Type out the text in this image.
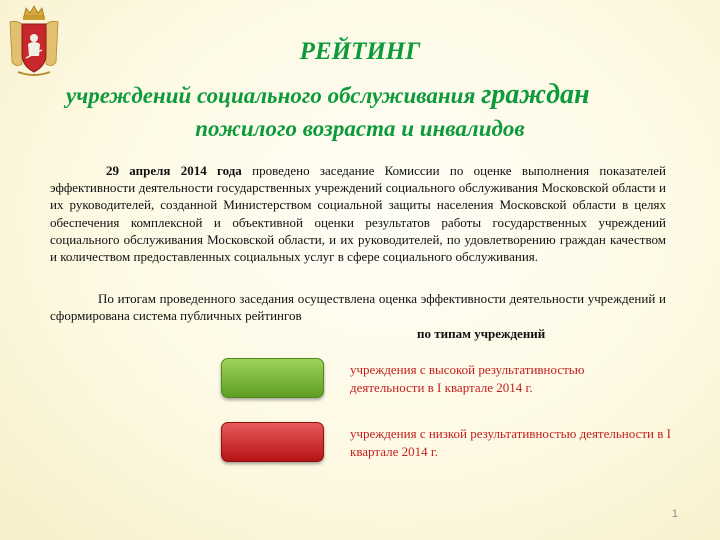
РЕЙТИНГ
учреждений социального обслуживания граждан
пожилого возраста и инвалидов

29 апреля 2014 года проведено заседание Комиссии по оценке выполнения показателей эффективности деятельности государственных учреждений социального обслуживания Московской области и их руководителей, созданной Министерством социальной защиты населения Московской области в целях обеспечения комплексной и объективной оценки результатов работы государственных учреждений социального обслуживания Московской области, и их руководителей, по удовлетворению граждан качеством и количеством предоставленных социальных услуг в сфере социального обслуживания.

По итогам проведенного заседания осуществлена оценка эффективности деятельности учреждений и сформирована система публичных рейтингов

по типам учреждений

учреждения с высокой результативностью деятельности в I квартале 2014 г.

учреждения с низкой результативностью деятельности в I квартале 2014 г.

1
